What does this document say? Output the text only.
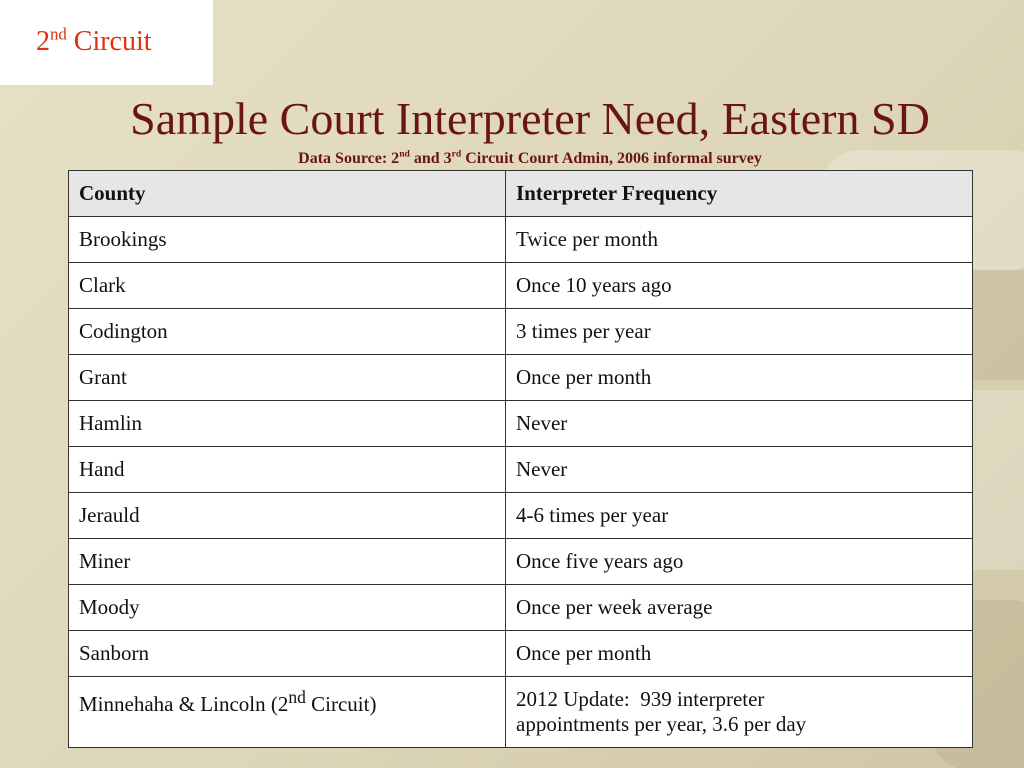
2nd Circuit
Sample Court Interpreter Need, Eastern SD
Data Source: 2nd and 3rd Circuit Court Admin, 2006 informal survey
County	Interpreter Frequency
Brookings	Twice per month
Clark	Once 10 years ago
Codington	3 times per year
Grant	Once per month
Hamlin	Never
Hand	Never
Jerauld	4-6 times per year
Miner	Once five years ago
Moody	Once per week average
Sanborn	Once per month
Minnehaha & Lincoln (2nd Circuit)	2012 Update:  939 interpreter
appointments per year, 3.6 per day
